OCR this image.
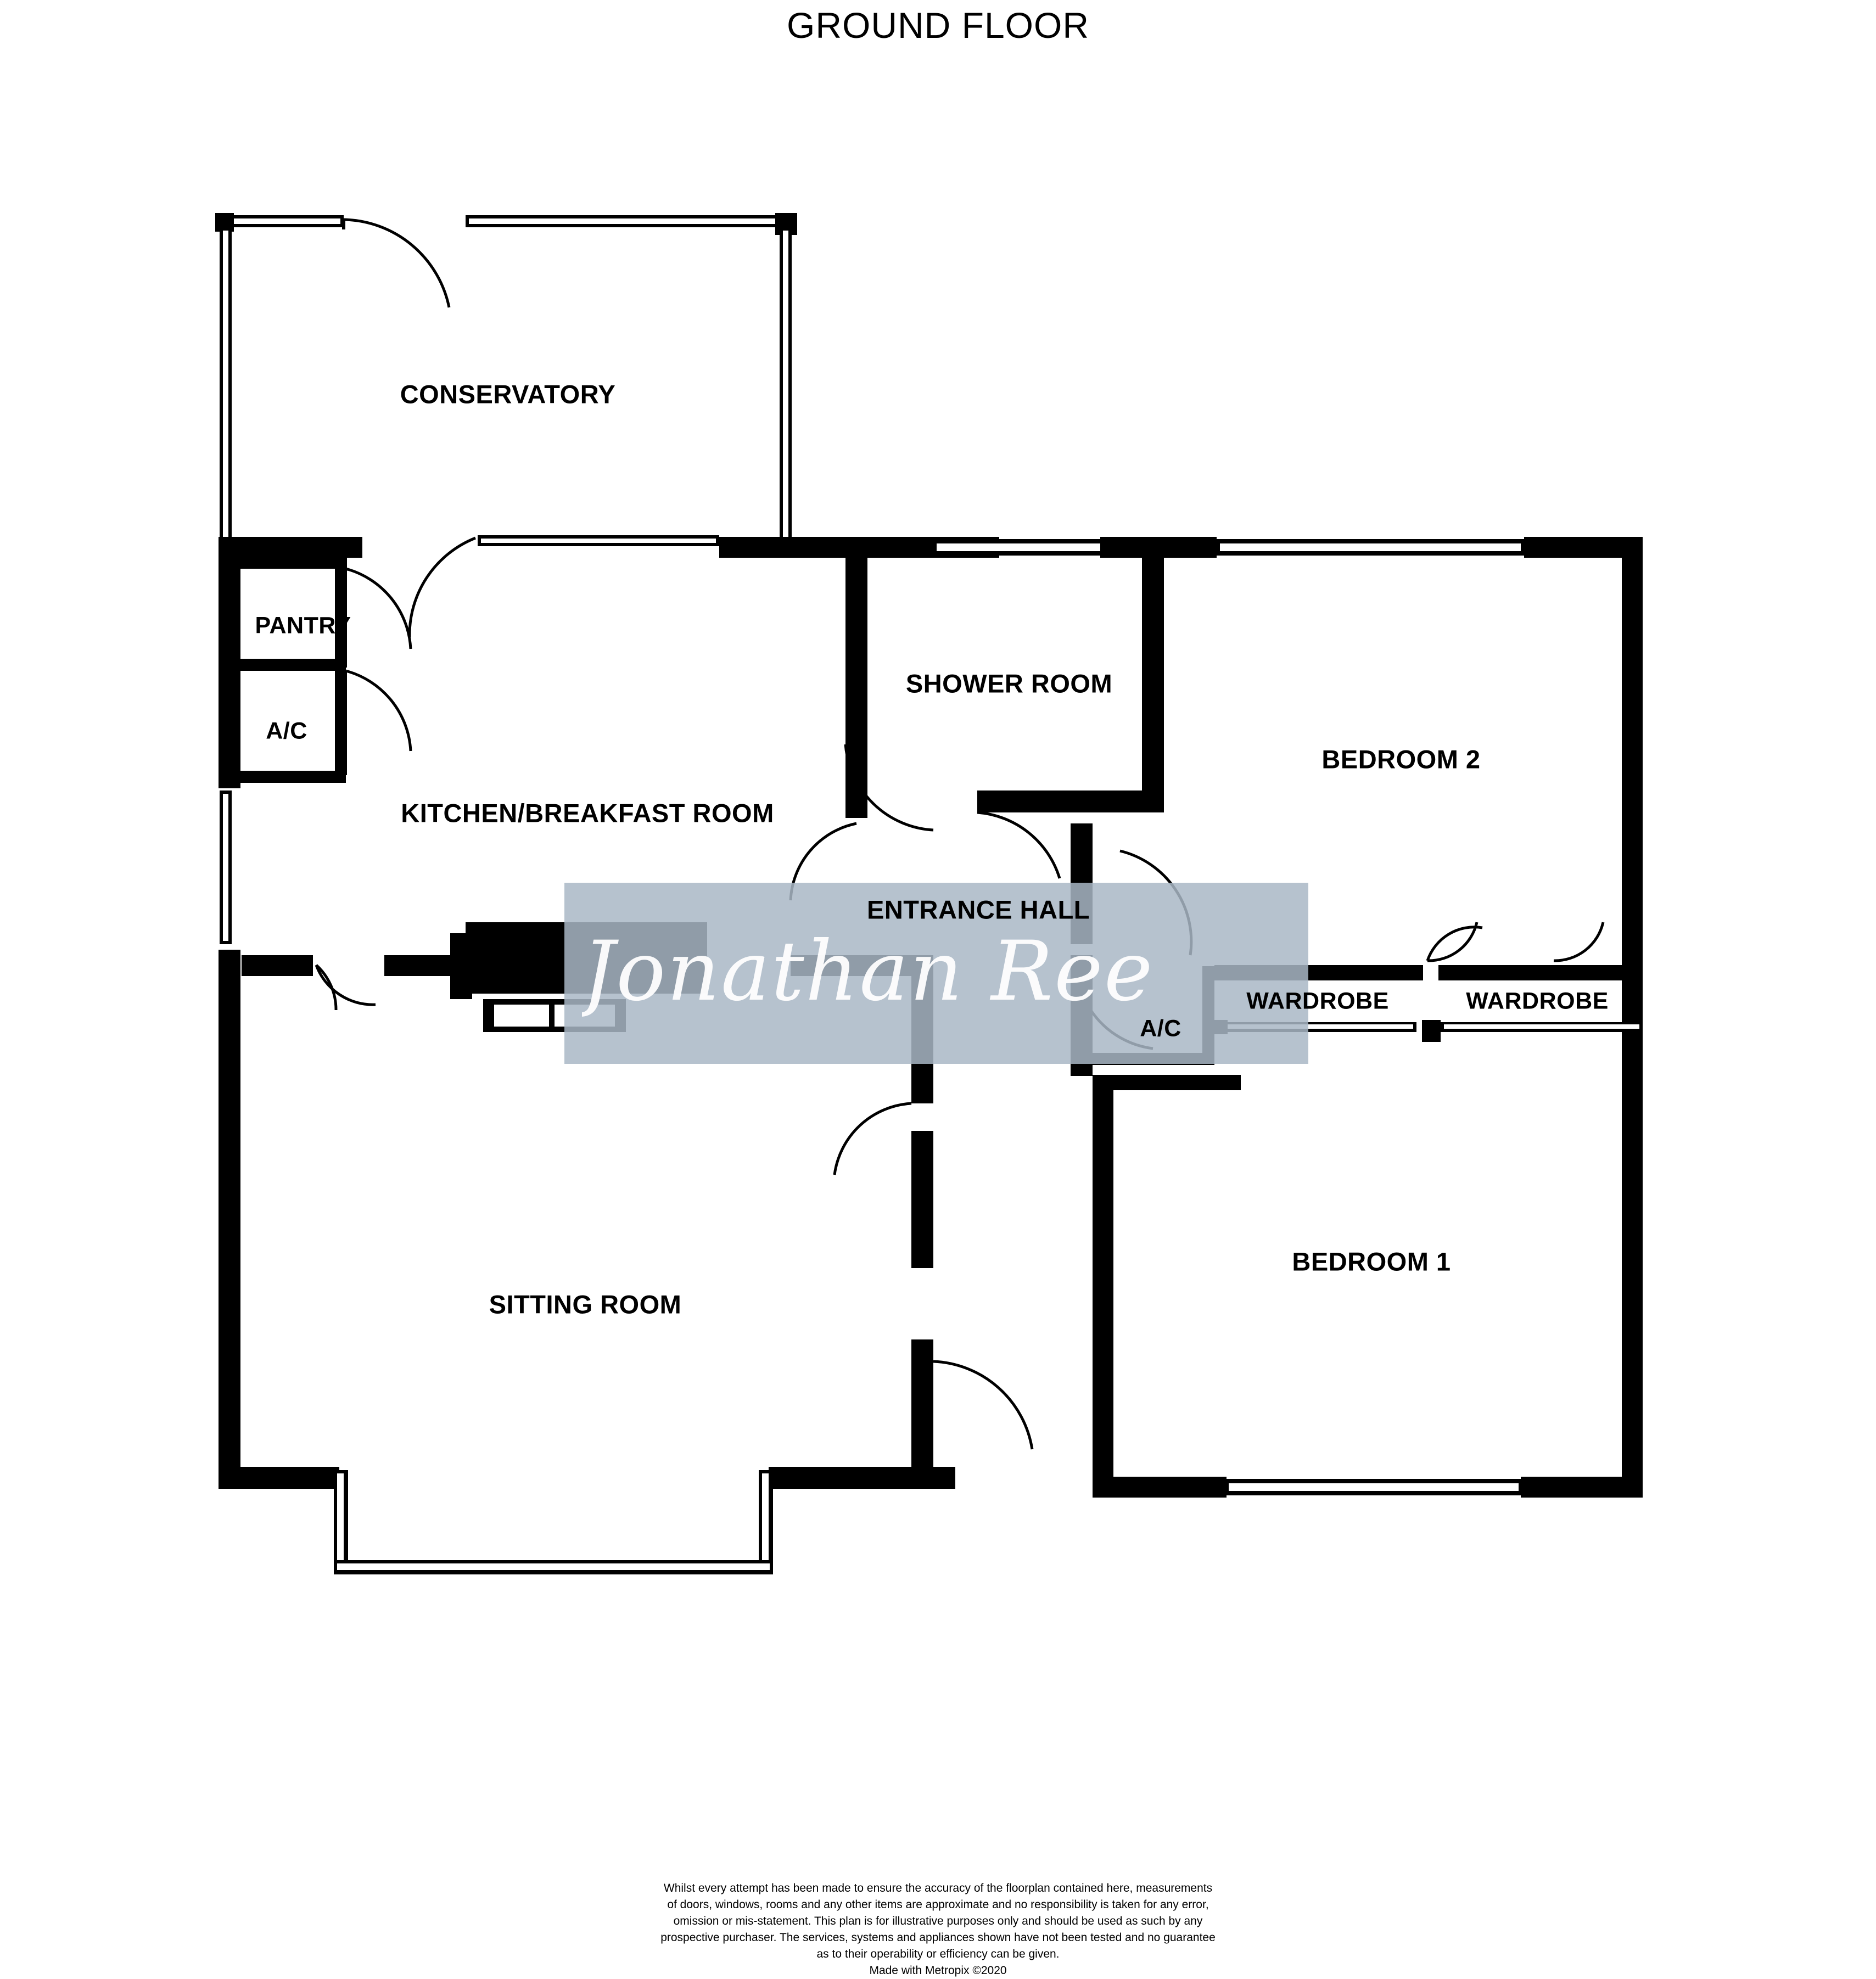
GROUND FLOOR
Jonathan Ree
CONSERVATORY
PANTRY
A/C
KITCHEN/BREAKFAST ROOM
SHOWER ROOM
BEDROOM 2
ENTRANCE HALL
A/C
WARDROBE	WARDROBE
SITTING ROOM
BEDROOM 1
Whilst every attempt has been made to ensure the accuracy of the floorplan contained here, measurements
of doors, windows, rooms and any other items are approximate and no responsibility is taken for any error,
omission or mis-statement. This plan is for illustrative purposes only and should be used as such by any
prospective purchaser. The services, systems and appliances shown have not been tested and no guarantee
as to their operability or efficiency can be given.
Made with Metropix ©2020
